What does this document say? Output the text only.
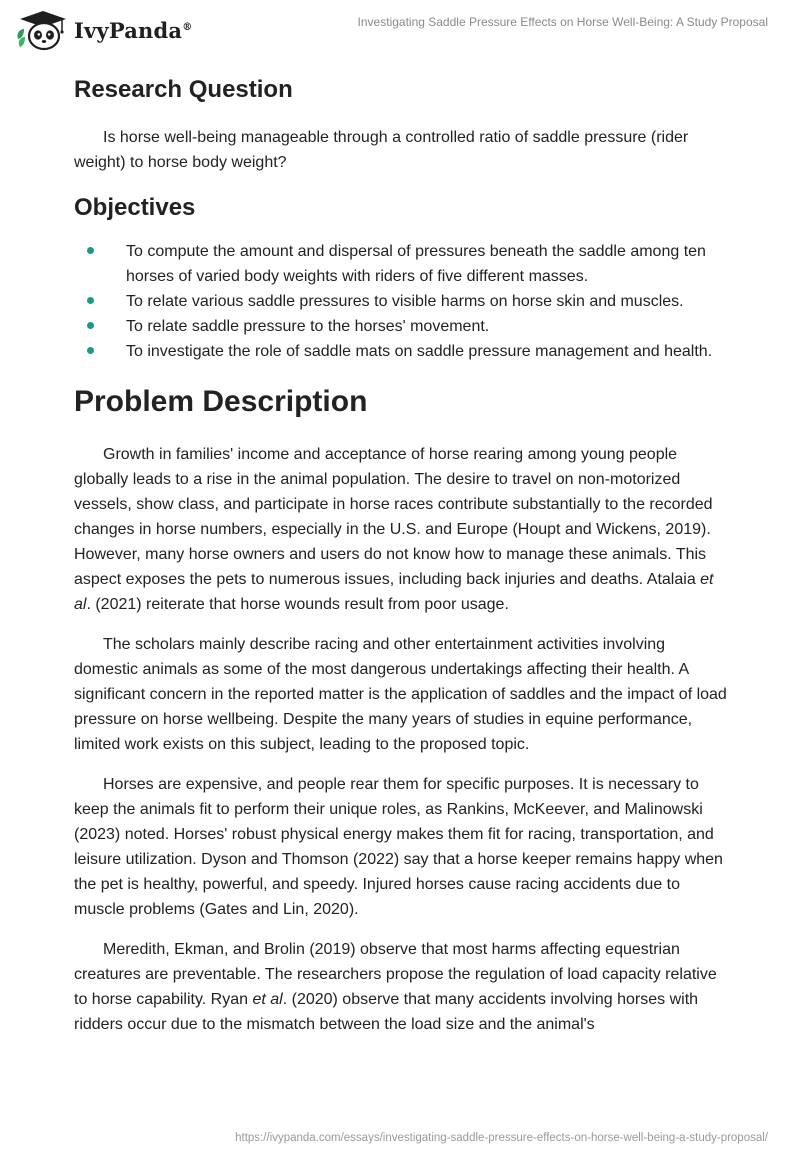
IvyPanda®	Investigating Saddle Pressure Effects on Horse Well-Being: A Study Proposal
Research Question

Is horse well-being manageable through a controlled ratio of saddle pressure (rider weight) to horse body weight?

Objectives
To compute the amount and dispersal of pressures beneath the saddle among ten horses of varied body weights with riders of five different masses.
To relate various saddle pressures to visible harms on horse skin and muscles.
To relate saddle pressure to the horses' movement.
To investigate the role of saddle mats on saddle pressure management and health.
Problem Description

Growth in families' income and acceptance of horse rearing among young people globally leads to a rise in the animal population. The desire to travel on non-motorized vessels, show class, and participate in horse races contribute substantially to the recorded changes in horse numbers, especially in the U.S. and Europe (Houpt and Wickens, 2019). However, many horse owners and users do not know how to manage these animals. This aspect exposes the pets to numerous issues, including back injuries and deaths. Atalaia et al. (2021) reiterate that horse wounds result from poor usage.

The scholars mainly describe racing and other entertainment activities involving domestic animals as some of the most dangerous undertakings affecting their health. A significant concern in the reported matter is the application of saddles and the impact of load pressure on horse wellbeing. Despite the many years of studies in equine performance, limited work exists on this subject, leading to the proposed topic.

Horses are expensive, and people rear them for specific purposes. It is necessary to keep the animals fit to perform their unique roles, as Rankins, McKeever, and Malinowski (2023) noted. Horses' robust physical energy makes them fit for racing, transportation, and leisure utilization. Dyson and Thomson (2022) say that a horse keeper remains happy when the pet is healthy, powerful, and speedy. Injured horses cause racing accidents due to muscle problems (Gates and Lin, 2020).

Meredith, Ekman, and Brolin (2019) observe that most harms affecting equestrian creatures are preventable. The researchers propose the regulation of load capacity relative to horse capability. Ryan et al. (2020) observe that many accidents involving horses with ridders occur due to the mismatch between the load size and the animal's

https://ivypanda.com/essays/investigating-saddle-pressure-effects-on-horse-well-being-a-study-proposal/
